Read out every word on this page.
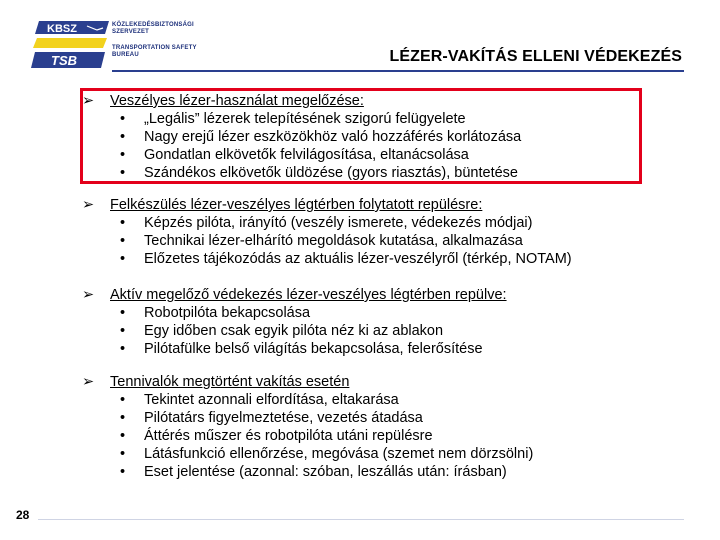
KBSZ
TSB
KÖZLEKEDÉSBIZTONSÁGI
SZERVEZET
TRANSPORTATION SAFETY
BUREAU	LÉZER-VAKÍTÁS ELLENI VÉDEKEZÉS
➢ Veszélyes lézer-használat megelőzése:
• „Legális” lézerek telepítésének szigorú felügyelete
• Nagy erejű lézer eszközökhöz való hozzáférés korlátozása
• Gondatlan elkövetők felvilágosítása, eltanácsolása
• Szándékos elkövetők üldözése (gyors riasztás), büntetése
➢ Felkészülés lézer-veszélyes légtérben folytatott repülésre:
• Képzés pilóta, irányító (veszély ismerete, védekezés módjai)
• Technikai lézer-elhárító megoldások kutatása, alkalmazása
• Előzetes tájékozódás az aktuális lézer-veszélyről (térkép, NOTAM)
➢ Aktív megelőző védekezés lézer-veszélyes légtérben repülve:
• Robotpilóta bekapcsolása
• Egy időben csak egyik pilóta néz ki az ablakon
• Pilótafülke belső világítás bekapcsolása, felerősítése
➢ Tennivalók megtörtént vakítás esetén
• Tekintet azonnali elfordítása, eltakarása
• Pilótatárs figyelmeztetése, vezetés átadása
• Áttérés műszer és robotpilóta utáni repülésre
• Látásfunkció ellenőrzése, megóvása (szemet nem dörzsölni)
• Eset jelentése (azonnal: szóban, leszállás után: írásban)
28
